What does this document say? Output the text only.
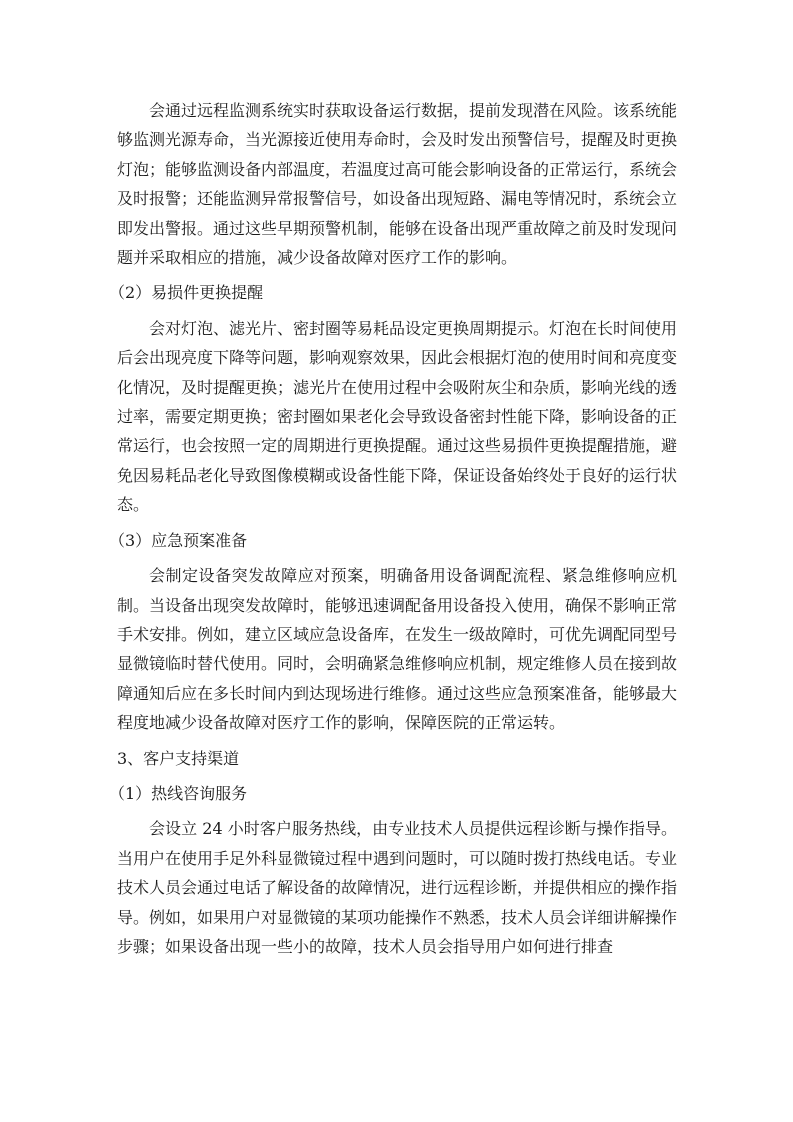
会通过远程监测系统实时获取设备运行数据，提前发现潜在风险。该系统能够监测光源寿命，当光源接近使用寿命时，会及时发出预警信号，提醒及时更换灯泡；能够监测设备内部温度，若温度过高可能会影响设备的正常运行，系统会及时报警；还能监测异常报警信号，如设备出现短路、漏电等情况时，系统会立即发出警报。通过这些早期预警机制，能够在设备出现严重故障之前及时发现问题并采取相应的措施，减少设备故障对医疗工作的影响。

（2）易损件更换提醒

会对灯泡、滤光片、密封圈等易耗品设定更换周期提示。灯泡在长时间使用后会出现亮度下降等问题，影响观察效果，因此会根据灯泡的使用时间和亮度变化情况，及时提醒更换；滤光片在使用过程中会吸附灰尘和杂质，影响光线的透过率，需要定期更换；密封圈如果老化会导致设备密封性能下降，影响设备的正常运行，也会按照一定的周期进行更换提醒。通过这些易损件更换提醒措施，避免因易耗品老化导致图像模糊或设备性能下降，保证设备始终处于良好的运行状态。

（3）应急预案准备

会制定设备突发故障应对预案，明确备用设备调配流程、紧急维修响应机制。当设备出现突发故障时，能够迅速调配备用设备投入使用，确保不影响正常手术安排。例如，建立区域应急设备库，在发生一级故障时，可优先调配同型号显微镜临时替代使用。同时，会明确紧急维修响应机制，规定维修人员在接到故障通知后应在多长时间内到达现场进行维修。通过这些应急预案准备，能够最大程度地减少设备故障对医疗工作的影响，保障医院的正常运转。

3、客户支持渠道
（1）热线咨询服务

会设立 24 小时客户服务热线，由专业技术人员提供远程诊断与操作指导。当用户在使用手足外科显微镜过程中遇到问题时，可以随时拨打热线电话。专业技术人员会通过电话了解设备的故障情况，进行远程诊断，并提供相应的操作指导。例如，如果用户对显微镜的某项功能操作不熟悉，技术人员会详细讲解操作步骤；如果设备出现一些小的故障，技术人员会指导用户如何进行排查
